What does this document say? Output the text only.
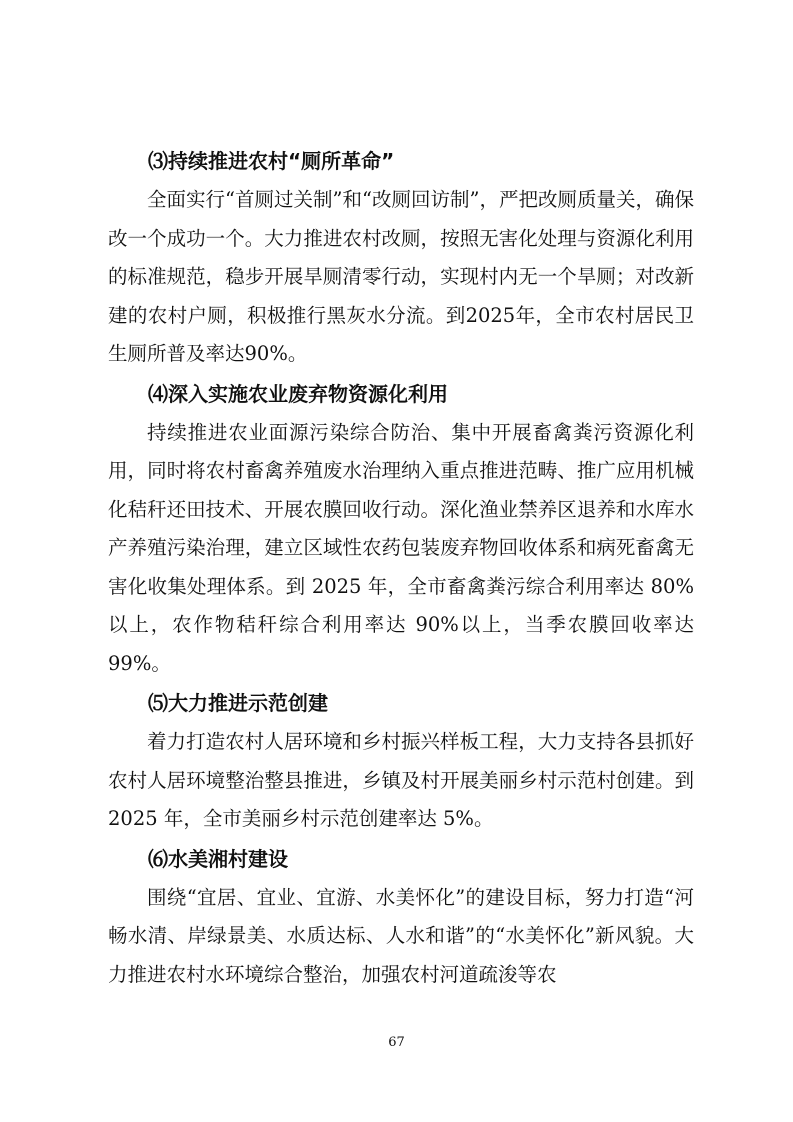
⑶持续推进农村“厕所革命”

全面实行“首厕过关制”和“改厕回访制”，严把改厕质量关，确保改一个成功一个。大力推进农村改厕，按照无害化处理与资源化利用的标准规范，稳步开展旱厕清零行动，实现村内无一个旱厕；对改新建的农村户厕，积极推行黑灰水分流。到2025年，全市农村居民卫生厕所普及率达90%。

⑷深入实施农业废弃物资源化利用

持续推进农业面源污染综合防治、集中开展畜禽粪污资源化利用，同时将农村畜禽养殖废水治理纳入重点推进范畴、推广应用机械化秸秆还田技术、开展农膜回收行动。深化渔业禁养区退养和水库水产养殖污染治理，建立区域性农药包装废弃物回收体系和病死畜禽无害化收集处理体系。到 2025 年，全市畜禽粪污综合利用率达 80%以上，农作物秸秆综合利用率达 90%以上，当季农膜回收率达 99%。

⑸大力推进示范创建

着力打造农村人居环境和乡村振兴样板工程，大力支持各县抓好农村人居环境整治整县推进，乡镇及村开展美丽乡村示范村创建。到 2025 年，全市美丽乡村示范创建率达 5%。

⑹水美湘村建设

围绕“宜居、宜业、宜游、水美怀化”的建设目标，努力打造“河畅水清、岸绿景美、水质达标、人水和谐”的“水美怀化”新风貌。大力推进农村水环境综合整治，加强农村河道疏浚等农

67
